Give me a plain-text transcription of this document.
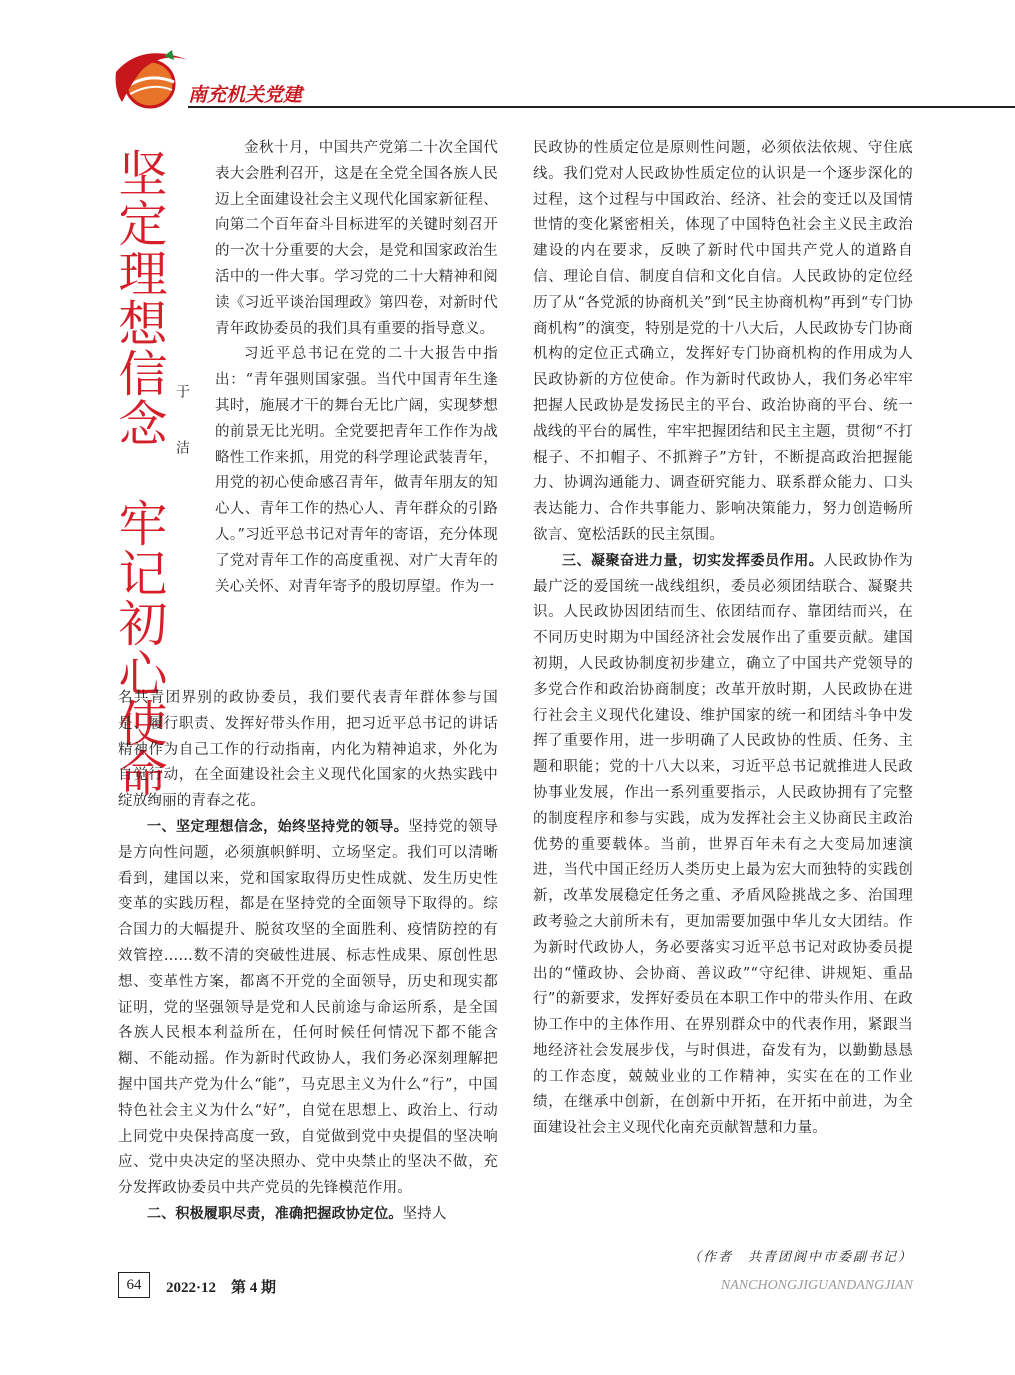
南充机关党建
坚定理想信念　牢记初心使命 于　洁

金秋十月，中国共产党第二十次全国代表大会胜利召开，这是在全党全国各族人民迈上全面建设社会主义现代化国家新征程、向第二个百年奋斗目标进军的关键时刻召开的一次十分重要的大会，是党和国家政治生活中的一件大事。学习党的二十大精神和阅读《习近平谈治国理政》第四卷，对新时代青年政协委员的我们具有重要的指导意义。

习近平总书记在党的二十大报告中指出：“青年强则国家强。当代中国青年生逢其时，施展才干的舞台无比广阔，实现梦想的前景无比光明。全党要把青年工作作为战略性工作来抓，用党的科学理论武装青年，用党的初心使命感召青年，做青年朋友的知心人、青年工作的热心人、青年群众的引路人。”习近平总书记对青年的寄语，充分体现了党对青年工作的高度重视、对广大青年的关心关怀、对青年寄予的殷切厚望。作为一

名共青团界别的政协委员，我们要代表青年群体参与国是、履行职责、发挥好带头作用，把习近平总书记的讲话精神作为自己工作的行动指南，内化为精神追求，外化为自觉行动，在全面建设社会主义现代化国家的火热实践中绽放绚丽的青春之花。

一、坚定理想信念，始终坚持党的领导。坚持党的领导是方向性问题，必须旗帜鲜明、立场坚定。我们可以清晰看到，建国以来，党和国家取得历史性成就、发生历史性变革的实践历程，都是在坚持党的全面领导下取得的。综合国力的大幅提升、脱贫攻坚的全面胜利、疫情防控的有效管控……数不清的突破性进展、标志性成果、原创性思想、变革性方案，都离不开党的全面领导，历史和现实都证明，党的坚强领导是党和人民前途与命运所系，是全国各族人民根本利益所在，任何时候任何情况下都不能含糊、不能动摇。作为新时代政协人，我们务必深刻理解把握中国共产党为什么“能”，马克思主义为什么“行”，中国特色社会主义为什么“好”，自觉在思想上、政治上、行动上同党中央保持高度一致，自觉做到党中央提倡的坚决响应、党中央决定的坚决照办、党中央禁止的坚决不做，充分发挥政协委员中共产党员的先锋模范作用。

二、积极履职尽责，准确把握政协定位。坚持人

民政协的性质定位是原则性问题，必须依法依规、守住底线。我们党对人民政协性质定位的认识是一个逐步深化的过程，这个过程与中国政治、经济、社会的变迁以及国情世情的变化紧密相关，体现了中国特色社会主义民主政治建设的内在要求，反映了新时代中国共产党人的道路自信、理论自信、制度自信和文化自信。人民政协的定位经历了从“各党派的协商机关”到“民主协商机构”再到“专门协商机构”的演变，特别是党的十八大后，人民政协专门协商机构的定位正式确立，发挥好专门协商机构的作用成为人民政协新的方位使命。作为新时代政协人，我们务必牢牢把握人民政协是发扬民主的平台、政治协商的平台、统一战线的平台的属性，牢牢把握团结和民主主题，贯彻“不打棍子、不扣帽子、不抓辫子”方针，不断提高政治把握能力、协调沟通能力、调查研究能力、联系群众能力、口头表达能力、合作共事能力、影响决策能力，努力创造畅所欲言、宽松活跃的民主氛围。

三、凝聚奋进力量，切实发挥委员作用。人民政协作为最广泛的爱国统一战线组织，委员必须团结联合、凝聚共识。人民政协因团结而生、依团结而存、靠团结而兴，在不同历史时期为中国经济社会发展作出了重要贡献。建国初期，人民政协制度初步建立，确立了中国共产党领导的多党合作和政治协商制度；改革开放时期，人民政协在进行社会主义现代化建设、维护国家的统一和团结斗争中发挥了重要作用，进一步明确了人民政协的性质、任务、主题和职能；党的十八大以来，习近平总书记就推进人民政协事业发展，作出一系列重要指示，人民政协拥有了完整的制度程序和参与实践，成为发挥社会主义协商民主政治优势的重要载体。当前，世界百年未有之大变局加速演进，当代中国正经历人类历史上最为宏大而独特的实践创新，改革发展稳定任务之重、矛盾风险挑战之多、治国理政考验之大前所未有，更加需要加强中华儿女大团结。作为新时代政协人，务必要落实习近平总书记对政协委员提出的“懂政协、会协商、善议政”“守纪律、讲规矩、重品行”的新要求，发挥好委员在本职工作中的带头作用、在政协工作中的主体作用、在界别群众中的代表作用，紧跟当地经济社会发展步伐，与时俱进，奋发有为，以勤勤恳恳的工作态度，兢兢业业的工作精神，实实在在的工作业绩，在继承中创新，在创新中开拓，在开拓中前进，为全面建设社会主义现代化南充贡献智慧和力量。

（作者　共青团阆中市委副书记）
64	2022·12　第 4 期	NANCHONGJIGUANDANGJIAN
